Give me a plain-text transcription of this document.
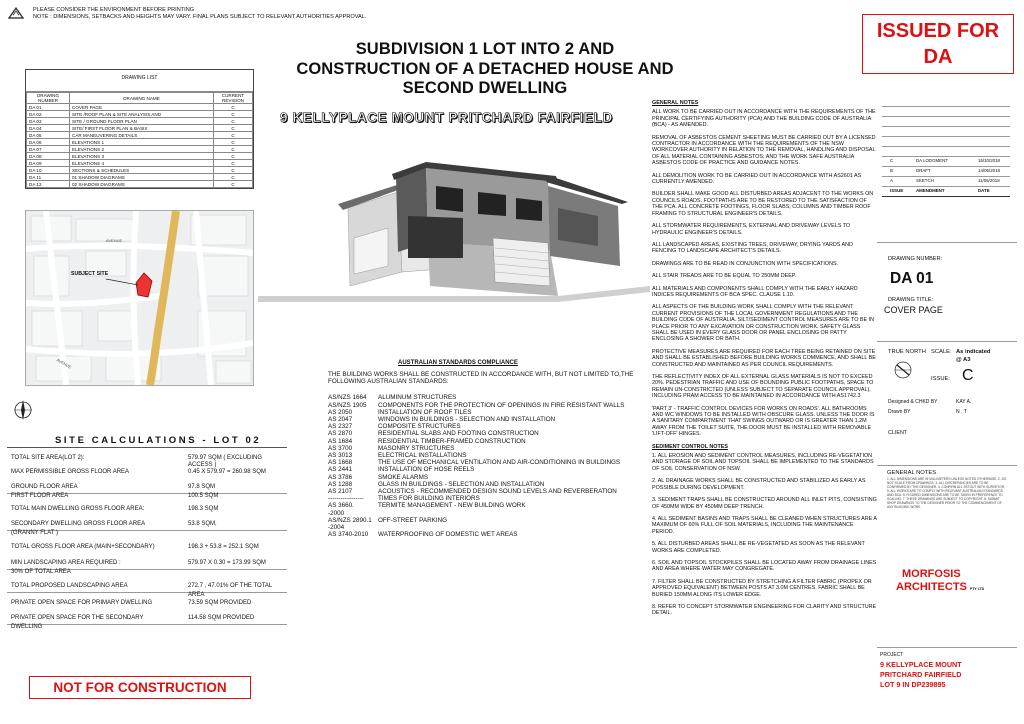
PLEASE CONSIDER THE ENVIRONMENT BEFORE PRINTING
NOTE : DIMENSIONS, SETBACKS AND HEIGHTS MAY VARY. FINAL PLANS SUBJECT TO RELEVANT AUTHORITIES APPROVAL.
SUBDIVISION 1 LOT INTO 2 AND
CONSTRUCTION OF A DETACHED HOUSE AND
SECOND DWELLING
9 KELLYPLACE MOUNT PRITCHARD FAIRFIELD
DRAWING LIST
DRAWING NUMBER	DRAWING NAME	CURRENT REVISION
DA 01	COVER PAGE	C
DA 02	SITE /ROOF PLAN & SITE ANALYSIS AND	C
DA 03	SITE / GROUND FLOOR PLAN	C
DA 04	SITE/ FIRST FLOOR PLAN & BASIX	C
DA 05	CAR MANEUVERING DETAILS	C
DA 06	ELEVATIONS 1	C
DA 07	ELEVATIONS 2	C
DA 08	ELEVATIONS 3	C
DA 09	ELEVATIONS 4	C
DA 10	SECTIONS & SCHEDULES	C
DA 11	01 SHADOW DIAGRAMS	C
DA 12	02 SHADOW DIAGRAMS	C
SUBJECT SITE
AVENUE
AVENUE
SITE CALCULATIONS - LOT 02
TOTAL SITE AREA(LOT 2):	579.97 SQM ( EXCLUDING ACCESS )
MAX PERMISSIBLE GROSS FLOOR AREA	0.45 X 579.97 = 260.98 SQM
GROUND FLOOR AREA	97.8 SQM
FIRST FLOOR AREA	100.5 SQM
TOTAL MAIN DWELLING GROSS FLOOR AREA:	198.3 SQM
SECONDARY DWELLING GROSS FLOOR AREA	53.8 SQM,
(GRANNY FLAT )
TOTAL GROSS FLOOR AREA (MAIN+SECONDARY)	198.3 + 53.8 = 252.1 SQM
MIN LANDSCAPING AREA REQUIRED :	579.97 X 0.30 = 173.99 SQM
30% OF TOTAL AREA
TOTAL PROPOSED LANDSCAPING AREA	272.7 , 47.01% OF THE TOTAL
AREA
PRIVATE OPEN SPACE FOR PRIMARY DWELLING	73.59 SQM PROVIDED
PRIVATE OPEN SPACE FOR THE SECONDARY	114.58 SQM PROVIDED
DWELLING
NOT FOR CONSTRUCTION
AUSTRALIAN STANDARDS COMPLIANCE
THE BUILDING WORKS SHALL BE CONSTRUCTED IN ACCORDANCE WITH, BUT NOT LIMITED TO,THE FOLLOWING AUSTRALIAN STANDARDS:
AS/NZS 1664	ALUMINUM STRUCTURES
AS/NZS 1905	COMPONENTS FOR THE PROTECTION OF OPENINGS IN FIRE RESISTANT WALLS
AS 2050	INSTALLATION OF ROOF TILES
AS 2047	WINDOWS IN BUILDINGS - SELECTION AND INSTALLATION
AS 2327	COMPOSITE STRUCTURES
AS 2870	RESIDENTIAL SLABS AND FOOTING CONSTRUCTION
AS 1684	RESIDENTIAL TIMBER-FRAMED CONSTRUCTION
AS 3700	MASONRY STRUCTURES
AS 3013	ELECTRICAL INSTALLATIONS
AS 1668	THE USE OF MECHANICAL VENTILATION AND AIR-CONDITIONING IN BUILDINGS
AS 2441	INSTALLATION OF HOSE REELS
AS 3786	SMOKE ALARMS
AS 1288	GLASS IN BUILDINGS - SELECTION AND INSTALLATION
AS 2107	ACOUSTICS - RECOMMENDED DESIGN SOUND LEVELS AND REVERBERATION
-----------------	TIMES FOR BUILDING INTERIORS
AS 3660.	TERMITE MANAGEMENT - NEW BUILDING WORK
-2000
AS/NZS 2890.1 OFF-STREET PARKING
-2004
AS 3740-2010	WATERPROOFING OF DOMESTIC WET AREAS

GENERAL NOTES

ALL WORK TO BE CARRIED OUT IN ACCORDANCE WITH THE REQUIREMENTS OF THE PRINCIPAL CERTIFYING AUTHORITY (PCA) AND THE BUILDING CODE OF AUSTRALIA (BCA) - AS AMENDED.

REMOVAL OF ASBESTOS CEMENT SHEETING MUST BE CARRIED OUT BY A LICENSED CONTRACTOR IN ACCORDANCE WITH THE REQUIREMENTS OF THE NSW WORKCOVER AUTHORITY IN RELATION TO THE REMOVAL, HANDLING AND DISPOSAL OF ALL MATERIAL CONTAINING ASBESTOS; AND THE WORK SAFE AUSTRALIA ASBESTOS CODE OF PRACTICE AND GUIDANCE NOTES.

ALL DEMOLITION WORK TO BE CARRIED OUT IN ACCORDANCE WITH AS2601 AS CURRENTLY AMENDED.

BUILDER SHALL MAKE GOOD ALL DISTURBED AREAS ADJACENT TO THE WORKS ON COUNCILS ROADS. FOOTPATHS ARE TO BE RESTORED TO THE SATISFACTION OF THE PCA. ALL CONCRETE FOOTINGS, FLOOR SLABS, COLUMNS AND TIMBER ROOF FRAMING TO STRUCTURAL ENGINEER'S DETAILS.

ALL STORMWATER REQUIREMENTS, EXTERNAL AND DRIVEWAY LEVELS TO HYDRAULIC ENGINEER'S DETAILS.

ALL LANDSCAPED AREAS, EXISTING TREES, DRIVEWAY, DRYING YARDS AND FENCING TO LANDSCAPE ARCHITECT'S DETAILS.

DRAWINGS ARE TO BE READ IN CONJUNCTION WITH SPECIFICATIONS.

ALL STAIR TREADS ARE TO BE EQUAL TO 250MM DEEP.

ALL MATERIALS AND COMPONENTS SHALL COMPLY WITH THE EARLY HAZARD INDICES REQUIREMENTS OF BCA SPEC. CLAUSE 1.10.

ALL ASPECTS OF THE BUILDING WORK SHALL COMPLY WITH THE RELEVANT CURRENT PROVISIONS OF THE LOCAL GOVERNMENT REGULATIONS AND THE BUILDING CODE OF AUSTRALIA. SILT/SEDIMENT CONTROL MEASURES ARE TO BE IN PLACE PRIOR TO ANY EXCAVATION OR CONSTRUCTION WORK. SAFETY GLASS SHALL BE USED IN EVERY GLASS DOOR OR PANEL ENCLOSING OR PATTY ENCLOSING A SHOWER OR BATH.

PROTECTIVE MEASURES ARE REQUIRED FOR EACH TREE BEING RETAINED ON SITE AND SHALL BE ESTABLISHED BEFORE BUILDING WORKS COMMENCE, AND SHALL BE CONSTRUCTED AND MAINTAINED AS PER COUNCIL REQUIREMENTS.

THE REFLECTIVITY INDEX OF ALL EXTERNAL GLASS MATERIALS IS NOT TO EXCEED 20%. PEDESTRIAN TRAFFIC AND USE OF BOUNDING PUBLIC FOOTPATHS, SPACE TO REMAIN UN-CONSTRICTED (UNLESS SUBJECT TO SEPARATE COUNCIL APPROVAL), INCLUDING PRAM ACCESS TO BE MAINTAINED IN ACCORDANCE WITH AS1742.3

'PART 3' - TRAFFIC CONTROL DEVICES FOR WORKS ON ROADS'. ALL BATHROOMS AND WC WINDOWS TO BE INSTALLED WITH OBSCURE GLASS. UNLESS THE DOOR IS A SANITARY COMPARTMENT THAT SWINGS OUTWARD OR IS GREATER THAN 1.2M AWAY FROM THE TOILET SUITE, THE DOOR MUST BE INSTALLED WITH REMOVABLE 'LIFT-OFF' HINGES.

SEDIMENT CONTROL NOTES

1. ALL EROSION AND SEDIMENT CONTROL MEASURES, INCLUDING RE-VEGETATION AND STORAGE OF SOIL AND TOPSOIL SHALL BE IMPLEMENTED TO THE STANDARDS OF SOIL CONSERVATION OF NSW.

2. AL DRAINAGE WORKS SHALL BE CONSTRUCTED AND STABILIZED AS EARLY AS POSSIBLE DURING DEVELOPMENT.

3. SEDIMENT TRAPS SHALL BE CONSTRUCTED AROUND ALL INLET PITS, CONSISTING OF 450MM WIDE BY 450MM DEEP TRENCH.

4. ALL SEDIMENT BASINS AND TRAPS SHALL BE CLEANED WHEN STRUCTURES ARE A MAXIMUM OF 60% FULL OF SOIL MATERIALS, INCLUDING THE MAINTENANCE PERIOD.

5. ALL DISTURBED AREAS SHALL BE RE-VEGETATED AS SOON AS THE RELEVANT WORKS ARE COMPLETED.

6. SOIL AND TOPSOIL STOCKPILES SHALL BE LOCATED AWAY FROM DRAINAGE LINES AND AREA WHERE WATER MAY CONGREGATE.

7. FILTER SHALL BE CONSTRUCTED BY STRETCHING A FILTER FABRIC (PROPEX OR APPROVED EQUIVALENT) BETWEEN POSTS AT 3.0M CENTRES. FABRIC SHALL BE BURIED 150MM ALONG ITS LOWER EDGE.

8. REFER TO CONCEPT STORMWATER ENGINEERING FOR CLARITY AND STRUCTURE DETAIL.

ISSUED FOR
DA
C	DA LODGMENT	16/10/2018
B	DRAFT	14/05/2018
A	SKETCH	11/05/2018
ISSUE	AMENDMENT	DATE
DRAWING NUMBER:
DA 01
DRAWING TITLE:
COVER PAGE
TRUE NORTH SCALE: As indicated
@ A3
ISSUE: C
Designed & CHKD BY	KAY A.
Drawn BY	N . T
CLIENT
GENERAL NOTES
1. ALL DIMENSIONS ARE IN MILLIMETERS UNLESS NOTED OTHERWISE. 2. DO NOT SCALE FROM DRAWINGS. 3. ALL DISCREPANCIES ARE TO BE CONFIRMED BY THE DESIGNER. 4. CONFIRM ALL SETOUT WITH SURVEYOR. 5. ALL WORKS ARE TO COMPLY WITH RELEVANT AUSTRALIAN STANDARDS AND BCA. 6. FIGURED DIMENSIONS ARE TO BE TAKEN IN PREFERENCE TO SCALING. 7. THESE DRAWINGS ARE SUBJECT TO COPYRIGHT. 8. SUBMIT SHOP DRAWINGS TO THE DESIGNER PRIOR TO THE COMMENCEMENT OF ANY BUILDING WORK.
MORFOSIS
ARCHITECTS PTY LTD
PROJECT
9 KELLYPLACE MOUNT
PRITCHARD FAIRFIELD
LOT 9 IN DP239895
